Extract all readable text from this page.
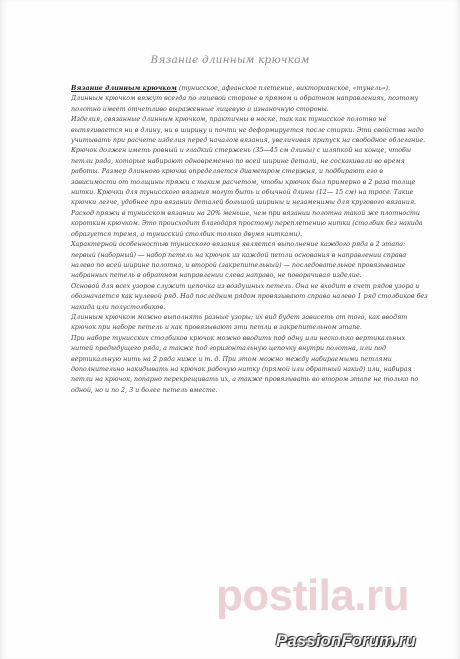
Вязание длинным крючком

Вязание длинным крючком (тунисское, афганское плетение, викторианское, «тунель»).

Длинным крючком вяжут всегда по лицевой стороне в прямом и обратном направлениях, поэтому полотно имеет отчетливо выраженные лицевую и изнаночную стороны.

Изделия, связанные длинным крючком, практичны в носке, так как тунисское полотно не вытягивается ни в длину, ни в ширину и почти не деформируется после стирки. Эти свойства надо учитывать при расчете изделия перед началом вязания, увеличивая припуск на свободное облегание.

Крючок должен иметь ровный и гладкий стержень (35—45 см длины) с шляпкой на конце, чтобы петли ряда, которые набирают одновременно по всей ширине детали, не соскакивали во время работы. Размер длинного крючка определяется диаметром стержня, и подбирают его в зависимости от толщины пряжи с таким расчетом, чтобы крючок был примерно в 2 раза толще нитки. Крючки для тунисского вязания могут быть и обычной длины (12— 15 см) на тросе. Такие крючки легче, удобнее при вязании деталей большой ширины и незаменимы для кругового вязания.

Расход пряжи в тунисском вязании на 20% меньше, чем при вязании полотна такой же плотности коротким крючком. Это происходит благодаря простому переплетению нитки (столбик без накида образуется тремя, а тунисский столбик только двумя нитками).

Характерной особенностью тунисского вязания является выполнение каждого ряда в 2 этапа: первый (наборный) — набор петель на крючок из каждой петли основания в направлении справа налево по всей ширине полотна, и второй (закрепительный) — последовательное провязывание набранных петель в обратном направлении слева направо, не поворачивая изделие.

Основой для всех узоров служит цепочка из воздушных петель. Она не входит в счет рядов узора и обозначается как нулевой ряд. Над последним рядом провязывают справа налево 1 ряд столбиков без накида или полустолбиков.

Длинным крючком можно выполнять разные узоры; их вид будет зависеть от того, как вводят крючок при наборе петель и как провязывают эти петли в закрепительном этапе.

При наборе тунисских столбиков крючок можно вводить под одну или несколько вертикальных нитей предыдущего ряда, а также под горизонтальную цепочку внутри полотна, или под вертикальную нить на 2 ряда ниже и т. д. При этом можно между набираемыми петлями дополнительно накидывать на крючок рабочую нитку (прямой или обратный накид) или, набирая петли на крючок, попарно перекрещивать их, а также провязывать во втором этапе не только по одной, но и по 2, 3 и более петель вместе.

postila.ru
PassionForum.ru
